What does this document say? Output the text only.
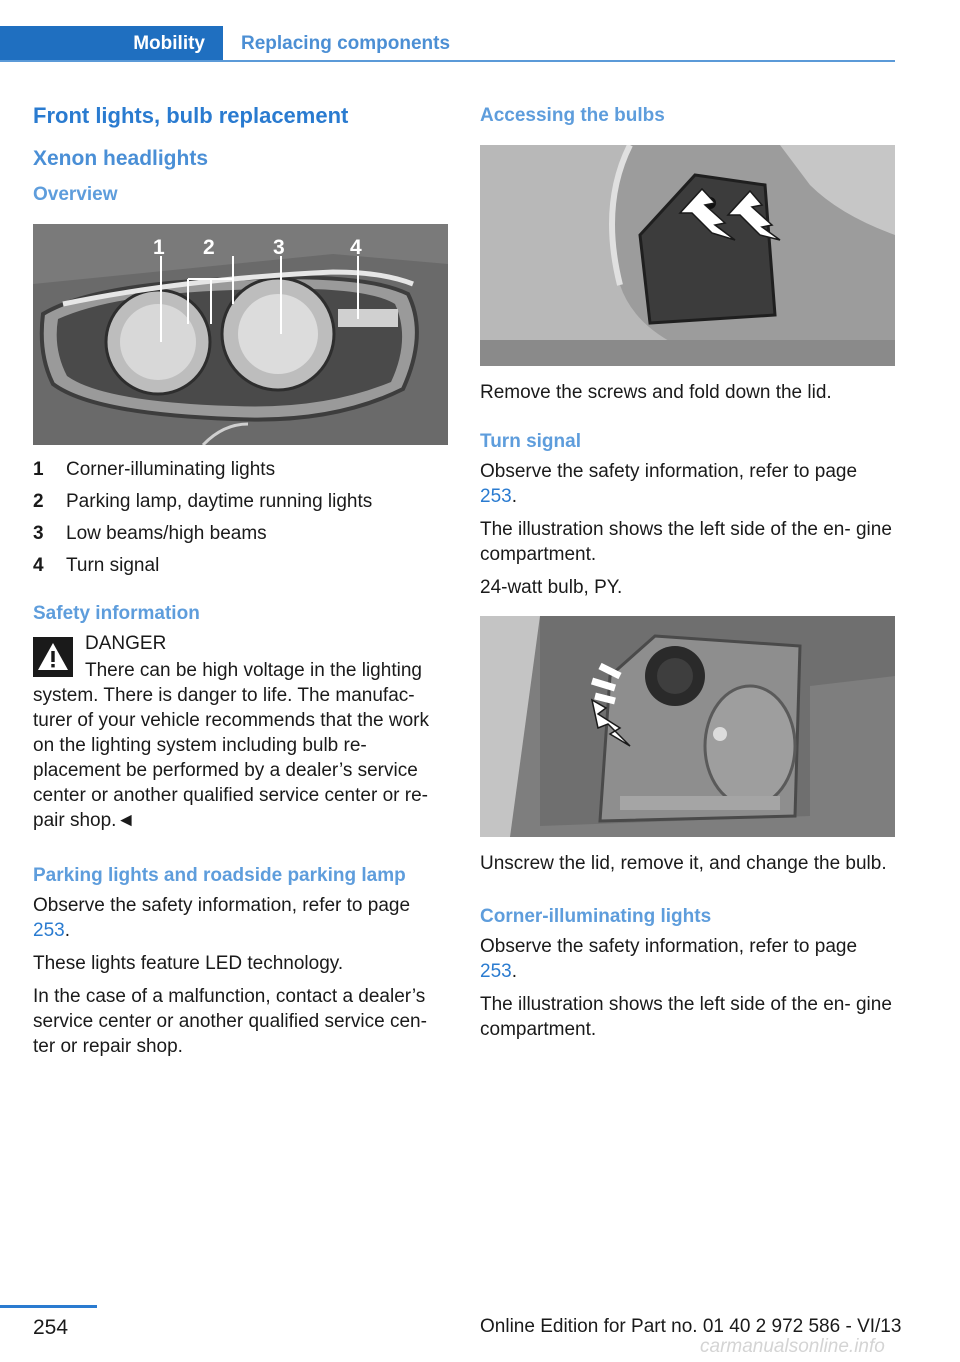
Mobility	Replacing components
Front lights, bulb replacement
Xenon headlights
Overview
1 2	3	4
1	Corner-illuminating lights
2	Parking lamp, daytime running lights
3	Low beams/high beams
4	Turn signal
Safety information
DANGER

There can be high voltage in the lighting system. There is danger to life. The manufac- turer of your vehicle recommends that the work on the lighting system including bulb re- placement be performed by a dealer’s service center or another qualified service center or re- pair shop.◄

Parking lights and roadside parking lamp

Observe the safety information, refer to page 253.

These lights feature LED technology.

In the case of a malfunction, contact a dealer’s service center or another qualified service cen- ter or repair shop.

Accessing the bulbs

Remove the screws and fold down the lid.

Turn signal

Observe the safety information, refer to page 253.

The illustration shows the left side of the en- gine compartment.

24-watt bulb, PY.

Unscrew the lid, remove it, and change the bulb.

Corner-illuminating lights

Observe the safety information, refer to page 253.

The illustration shows the left side of the en- gine compartment.

254	Online Edition for Part no. 01 40 2 972 586 - VI/13
carmanualsonline.info
